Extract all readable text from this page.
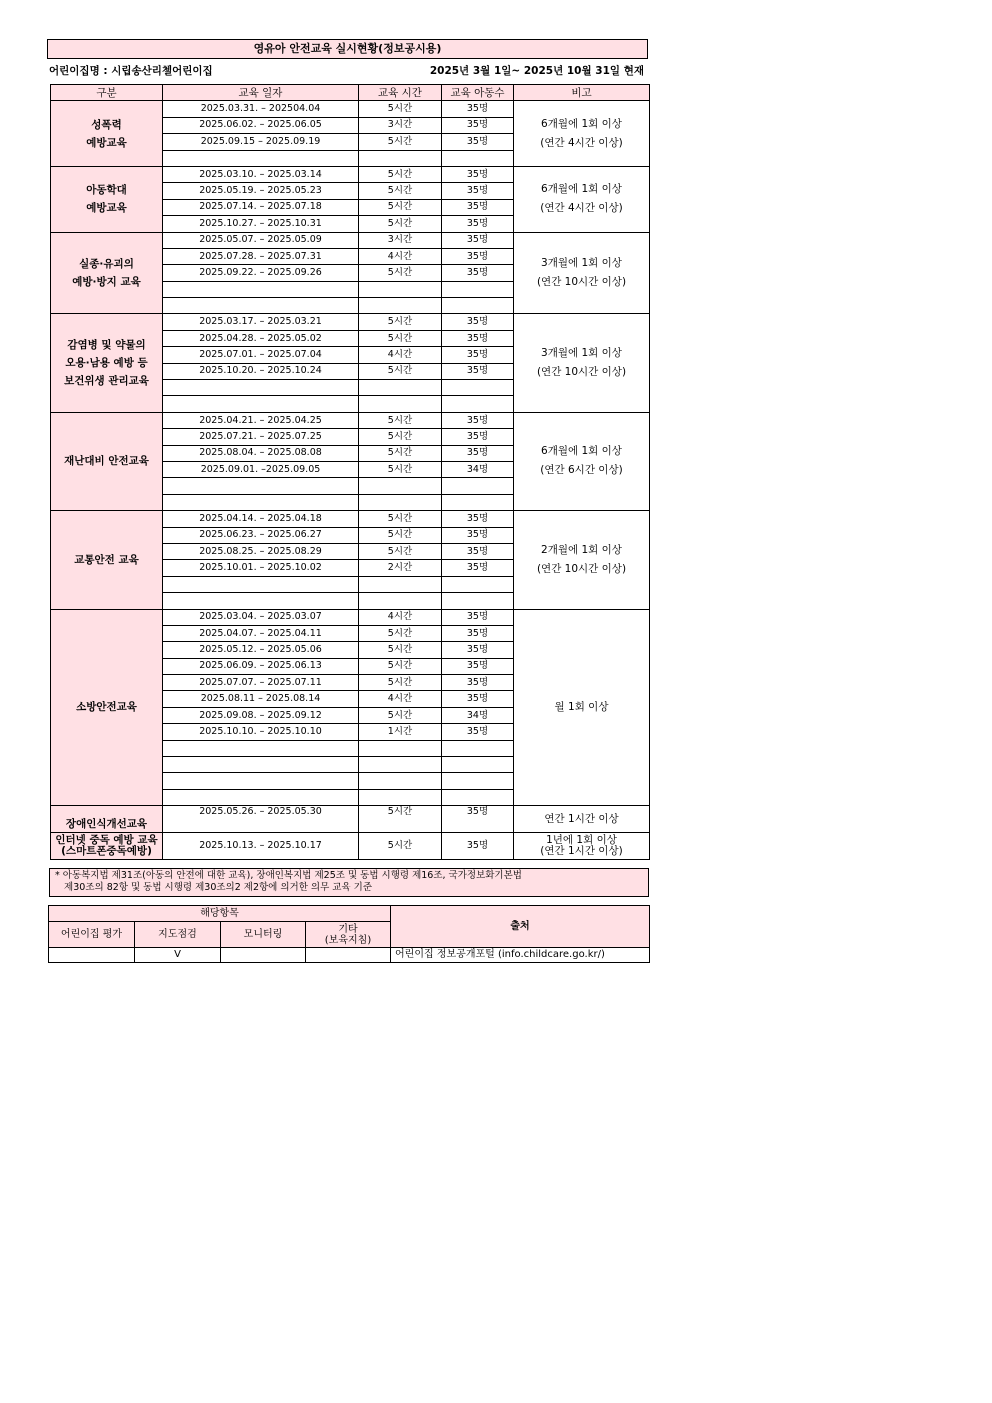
영유아 안전교육 실시현황(정보공시용)
어린이집명 : 시립송산리첼어린이집	2025년 3월 1일~ 2025년 10월 31일 현재
구분	교육 일자	교육 시간	교육 아동수	비고
성폭력
예방교육	2025.03.31. – 202504.04	5시간	35명	6개월에 1회 이상
(연간 4시간 이상)
	2025.06.02. – 2025.06.05	3시간	35명	
	2025.09.15 – 2025.09.19	5시간	35명	

아동학대
예방교육	2025.03.10. – 2025.03.14	5시간	35명	6개월에 1회 이상
(연간 4시간 이상)
	2025.05.19. – 2025.05.23	5시간	35명	
	2025.07.14. – 2025.07.18	5시간	35명	
	2025.10.27. – 2025.10.31	5시간	35명	
실종·유괴의
예방·방지 교육	2025.05.07. – 2025.05.09	3시간	35명	3개월에 1회 이상
(연간 10시간 이상)
	2025.07.28. – 2025.07.31	4시간	35명	
	2025.09.22. – 2025.09.26	5시간	35명	

감염병 및 약물의
오용·남용 예방 등
보건위생 관리교육	2025.03.17. – 2025.03.21	5시간	35명	3개월에 1회 이상
(연간 10시간 이상)
	2025.04.28. – 2025.05.02	5시간	35명	
	2025.07.01. – 2025.07.04	4시간	35명	
	2025.10.20. – 2025.10.24	5시간	35명	

재난대비 안전교육	2025.04.21. – 2025.04.25	5시간	35명	6개월에 1회 이상
(연간 6시간 이상)
	2025.07.21. – 2025.07.25	5시간	35명	
	2025.08.04. – 2025.08.08	5시간	35명	
	2025.09.01. –2025.09.05	5시간	34명	

교통안전 교육	2025.04.14. – 2025.04.18	5시간	35명	2개월에 1회 이상
(연간 10시간 이상)
	2025.06.23. – 2025.06.27	5시간	35명	
	2025.08.25. – 2025.08.29	5시간	35명	
	2025.10.01. – 2025.10.02	2시간	35명	

소방안전교육	2025.03.04. – 2025.03.07	4시간	35명	월 1회 이상
	2025.04.07. – 2025.04.11	5시간	35명	
	2025.05.12. – 2025.05.06	5시간	35명	
	2025.06.09. – 2025.06.13	5시간	35명	
	2025.07.07. – 2025.07.11	5시간	35명	
	2025.08.11 – 2025.08.14	4시간	35명	
	2025.09.08. – 2025.09.12	5시간	34명	
	2025.10.10. – 2025.10.10	1시간	35명	

장애인식개선교육	2025.05.26. – 2025.05.30	5시간	35명	연간 1시간 이상
인터넷 중독 예방 교육
(스마트폰중독예방)	2025.10.13. – 2025.10.17	5시간	35명	1년에 1회 이상
(연간 1시간 이상)
* 아동복지법 제31조(아동의 안전에 대한 교육), 장애인복지법 제25조 및 동법 시행령 제16조, 국가정보화기본법
제30조의 82항 및 동법 시행령 제30조의2 제2항에 의거한 의무 교육 기준
해당항목				출처
어린이집 평가	지도점검	모니터링	기타
(보육지침)	
	V			어린이집 정보공개포털 (info.childcare.go.kr/)
